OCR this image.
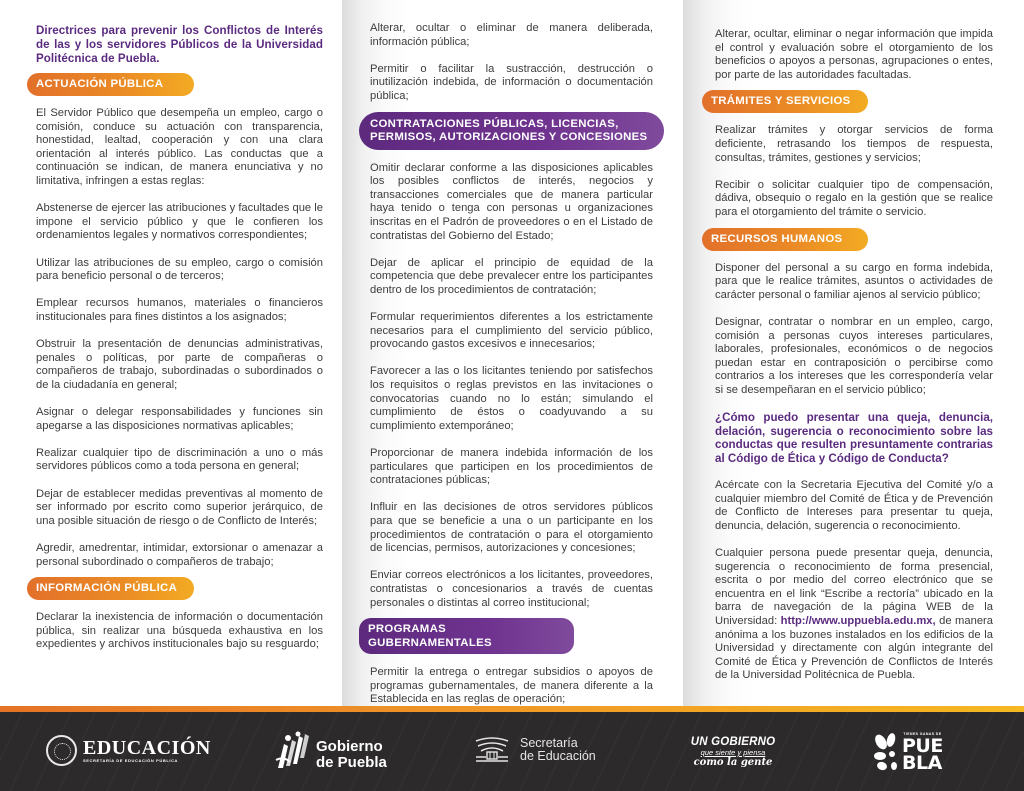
Directrices para prevenir los Conflictos de Interés de las y los servidores Públicos de la Universidad Politécnica de Puebla.
ACTUACIÓN PÚBLICA
El Servidor Público que desempeña un empleo, cargo o comisión, conduce su actuación con transparencia, honestidad, lealtad, cooperación y con una clara orientación al interés público. Las conductas que a continuación se indican, de manera enunciativa y no limitativa, infringen a estas reglas:
Abstenerse de ejercer las atribuciones y facultades que le impone el servicio público y que le confieren los ordenamientos legales y normativos correspondientes;
Utilizar las atribuciones de su empleo, cargo o comisión para beneficio personal o de terceros;
Emplear recursos humanos, materiales o financieros institucionales para fines distintos a los asignados;
Obstruir la presentación de denuncias administrativas, penales o políticas, por parte de compañeras o compañeros de trabajo, subordinadas o subordinados o de la ciudadanía en general;
Asignar o delegar responsabilidades y funciones sin apegarse a las disposiciones normativas aplicables;
Realizar cualquier tipo de discriminación a uno o más servidores públicos como a toda persona en general;
Dejar de establecer medidas preventivas al momento de ser informado por escrito como superior jerárquico, de una posible situación de riesgo o de Conflicto de Interés;
Agredir, amedrentar, intimidar, extorsionar o amenazar a personal subordinado o compañeros de trabajo;
INFORMACIÓN PÚBLICA
Declarar la inexistencia de información o documentación pública, sin realizar una búsqueda exhaustiva en los expedientes y archivos institucionales bajo su resguardo;
Alterar, ocultar o eliminar de manera deliberada, información pública;
Permitir o facilitar la sustracción, destrucción o inutilización indebida, de información o documentación pública;
CONTRATACIONES PÚBLICAS, LICENCIAS,
PERMISOS, AUTORIZACIONES Y CONCESIONES
Omitir declarar conforme a las disposiciones aplicables los posibles conflictos de interés, negocios y transacciones comerciales que de manera particular haya tenido o tenga con personas u organizaciones inscritas en el Padrón de proveedores o en el Listado de contratistas del Gobierno del Estado;
Dejar de aplicar el principio de equidad de la competencia que debe prevalecer entre los participantes dentro de los procedimientos de contratación;
Formular requerimientos diferentes a los estrictamente necesarios para el cumplimiento del servicio público, provocando gastos excesivos e innecesarios;
Favorecer a las o los licitantes teniendo por satisfechos los requisitos o reglas previstos en las invitaciones o convocatorias cuando no lo están; simulando el cumplimiento de éstos o coadyuvando a su cumplimiento extemporáneo;
Proporcionar de manera indebida información de los particulares que participen en los procedimientos de contrataciones públicas;
Influir en las decisiones de otros servidores públicos para que se beneficie a una o un participante en los procedimientos de contratación o para el otorgamiento de licencias, permisos, autorizaciones y concesiones;
Enviar correos electrónicos a los licitantes, proveedores, contratistas o concesionarios a través de cuentas personales o distintas al correo institucional;
PROGRAMAS GUBERNAMENTALES
Permitir la entrega o entregar subsidios o apoyos de programas gubernamentales, de manera diferente a la Establecida en las reglas de operación;
Alterar, ocultar, eliminar o negar información que impida el control y evaluación sobre el otorgamiento de los beneficios o apoyos a personas, agrupaciones o entes, por parte de las autoridades facultadas.
TRÁMITES Y SERVICIOS
Realizar trámites y otorgar servicios de forma deficiente, retrasando los tiempos de respuesta, consultas, trámites, gestiones y servicios;
Recibir o solicitar cualquier tipo de compensación, dádiva, obsequio o regalo en la gestión que se realice para el otorgamiento del trámite o servicio.
RECURSOS HUMANOS
Disponer del personal a su cargo en forma indebida, para que le realice trámites, asuntos o actividades de carácter personal o familiar ajenos al servicio público;
Designar, contratar o nombrar en un empleo, cargo, comisión a personas cuyos intereses particulares, laborales, profesionales, económicos o de negocios puedan estar en contraposición o percibirse como contrarios a los intereses que les correspondería velar si se desempeñaran en el servicio público;
¿Cómo puedo presentar una queja, denuncia, delación, sugerencia o reconocimiento sobre las conductas que resulten presuntamente contrarias al Código de Ética y Código de Conducta?
Acércate con la Secretaria Ejecutiva del Comité y/o a cualquier miembro del Comité de Ética y de Prevención de Conflicto de Intereses para presentar tu queja, denuncia, delación, sugerencia o reconocimiento.
Cualquier persona puede presentar queja, denuncia, sugerencia o reconocimiento de forma presencial, escrita o por medio del correo electrónico que se encuentra en el link “Escribe a rectoría” ubicado en la barra de navegación de la página WEB de la Universidad: http://www.uppuebla.edu.mx, de manera anónima a los buzones instalados en los edificios de la Universidad y directamente con algún integrante del Comité de Ética y Prevención de Conflictos de Interés de la Universidad Politécnica de Puebla.
EDUCACIÓN
SECRETARÍA DE EDUCACIÓN PÚBLICA
Gobierno
de Puebla
Secretaría
de Educación
UN GOBIERNO
que siente y piensa
como la gente
TIENES GANAS DE
PUE
BLA
